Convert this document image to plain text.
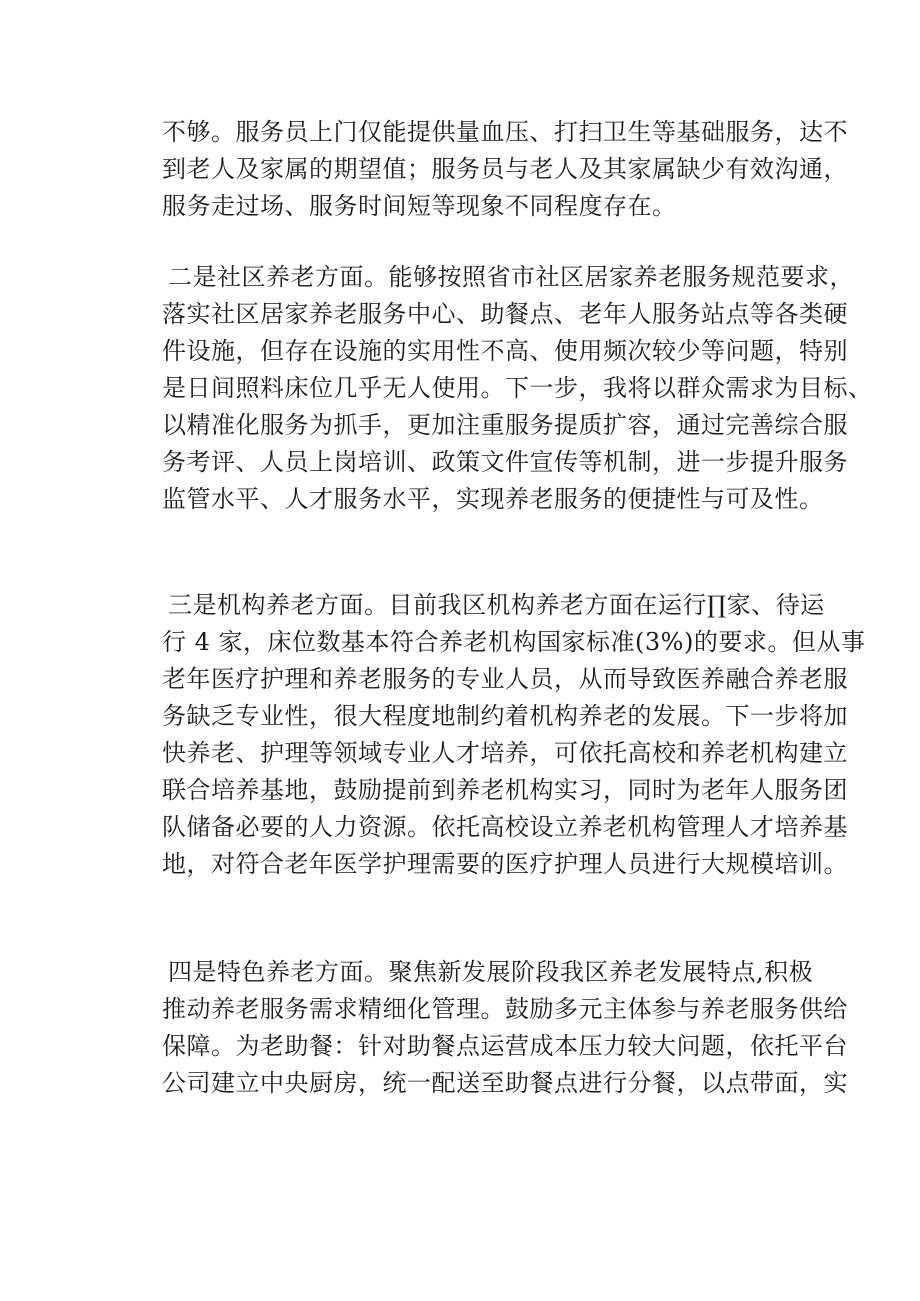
不够。服务员上门仅能提供量血压、打扫卫生等基础服务，达不
到老人及家属的期望值；服务员与老人及其家属缺少有效沟通，
服务走过场、服务时间短等现象不同程度存在。
二是社区养老方面。能够按照省市社区居家养老服务规范要求，
落实社区居家养老服务中心、助餐点、老年人服务站点等各类硬
件设施，但存在设施的实用性不高、使用频次较少等问题，特别
是日间照料床位几乎无人使用。下一步，我将以群众需求为目标、
以精准化服务为抓手，更加注重服务提质扩容，通过完善综合服
务考评、人员上岗培训、政策文件宣传等机制，进一步提升服务
监管水平、人才服务水平，实现养老服务的便捷性与可及性。
三是机构养老方面。目前我区机构养老方面在运行∏家、待运
行 4 家，床位数基本符合养老机构国家标准(3%)的要求。但从事
老年医疗护理和养老服务的专业人员，从而导致医养融合养老服
务缺乏专业性，很大程度地制约着机构养老的发展。下一步将加
快养老、护理等领域专业人才培养，可依托高校和养老机构建立
联合培养基地，鼓励提前到养老机构实习，同时为老年人服务团
队储备必要的人力资源。依托高校设立养老机构管理人才培养基
地，对符合老年医学护理需要的医疗护理人员进行大规模培训。
四是特色养老方面。聚焦新发展阶段我区养老发展特点,积极
推动养老服务需求精细化管理。鼓励多元主体参与养老服务供给
保障。为老助餐：针对助餐点运营成本压力较大问题，依托平台
公司建立中央厨房，统一配送至助餐点进行分餐，以点带面，实
